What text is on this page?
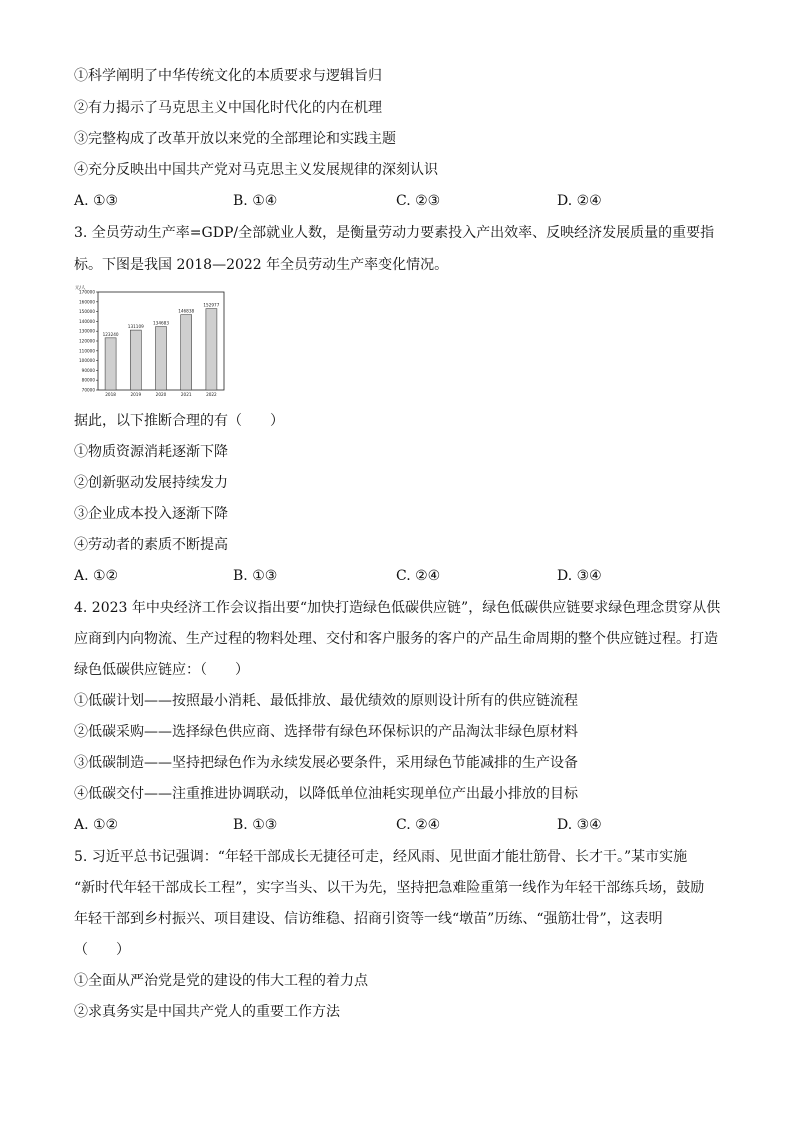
①科学阐明了中华传统文化的本质要求与逻辑旨归
②有力揭示了马克思主义中国化时代化的内在机理
③完整构成了改革开放以来党的全部理论和实践主题
④充分反映出中国共产党对马克思主义发展规律的深刻认识
A. ①③	B. ①④	C. ②③	D. ②④
3. 全员劳动生产率=GDP/全部就业人数，是衡量劳动力要素投入产出效率、反映经济发展质量的重要指
标。下图是我国 2018—2022 年全员劳动生产率变化情况。
元/人
170000
160000
150000
140000
130000
120000
110000
100000
90000
80000
70000
123240
131109
134683
146838
152977
2018	2019	2020	2021	2022
据此，以下推断合理的有（　　）
①物质资源消耗逐渐下降
②创新驱动发展持续发力
③企业成本投入逐渐下降
④劳动者的素质不断提高
A. ①②	B. ①③	C. ②④	D. ③④
4. 2023 年中央经济工作会议指出要“加快打造绿色低碳供应链”，绿色低碳供应链要求绿色理念贯穿从供
应商到内向物流、生产过程的物料处理、交付和客户服务的客户的产品生命周期的整个供应链过程。打造
绿色低碳供应链应：（　　）
①低碳计划——按照最小消耗、最低排放、最优绩效的原则设计所有的供应链流程
②低碳采购——选择绿色供应商、选择带有绿色环保标识的产品淘汰非绿色原材料
③低碳制造——坚持把绿色作为永续发展必要条件，采用绿色节能减排的生产设备
④低碳交付——注重推进协调联动，以降低单位油耗实现单位产出最小排放的目标
A. ①②	B. ①③	C. ②④	D. ③④
5. 习近平总书记强调：“年轻干部成长无捷径可走，经风雨、见世面才能壮筋骨、长才干。”某市实施
“新时代年轻干部成长工程”，实字当头、以干为先，坚持把急难险重第一线作为年轻干部练兵场，鼓励
年轻干部到乡村振兴、项目建设、信访维稳、招商引资等一线“墩苗”历练、“强筋壮骨”，这表明
（　　）
①全面从严治党是党的建设的伟大工程的着力点
②求真务实是中国共产党人的重要工作方法
